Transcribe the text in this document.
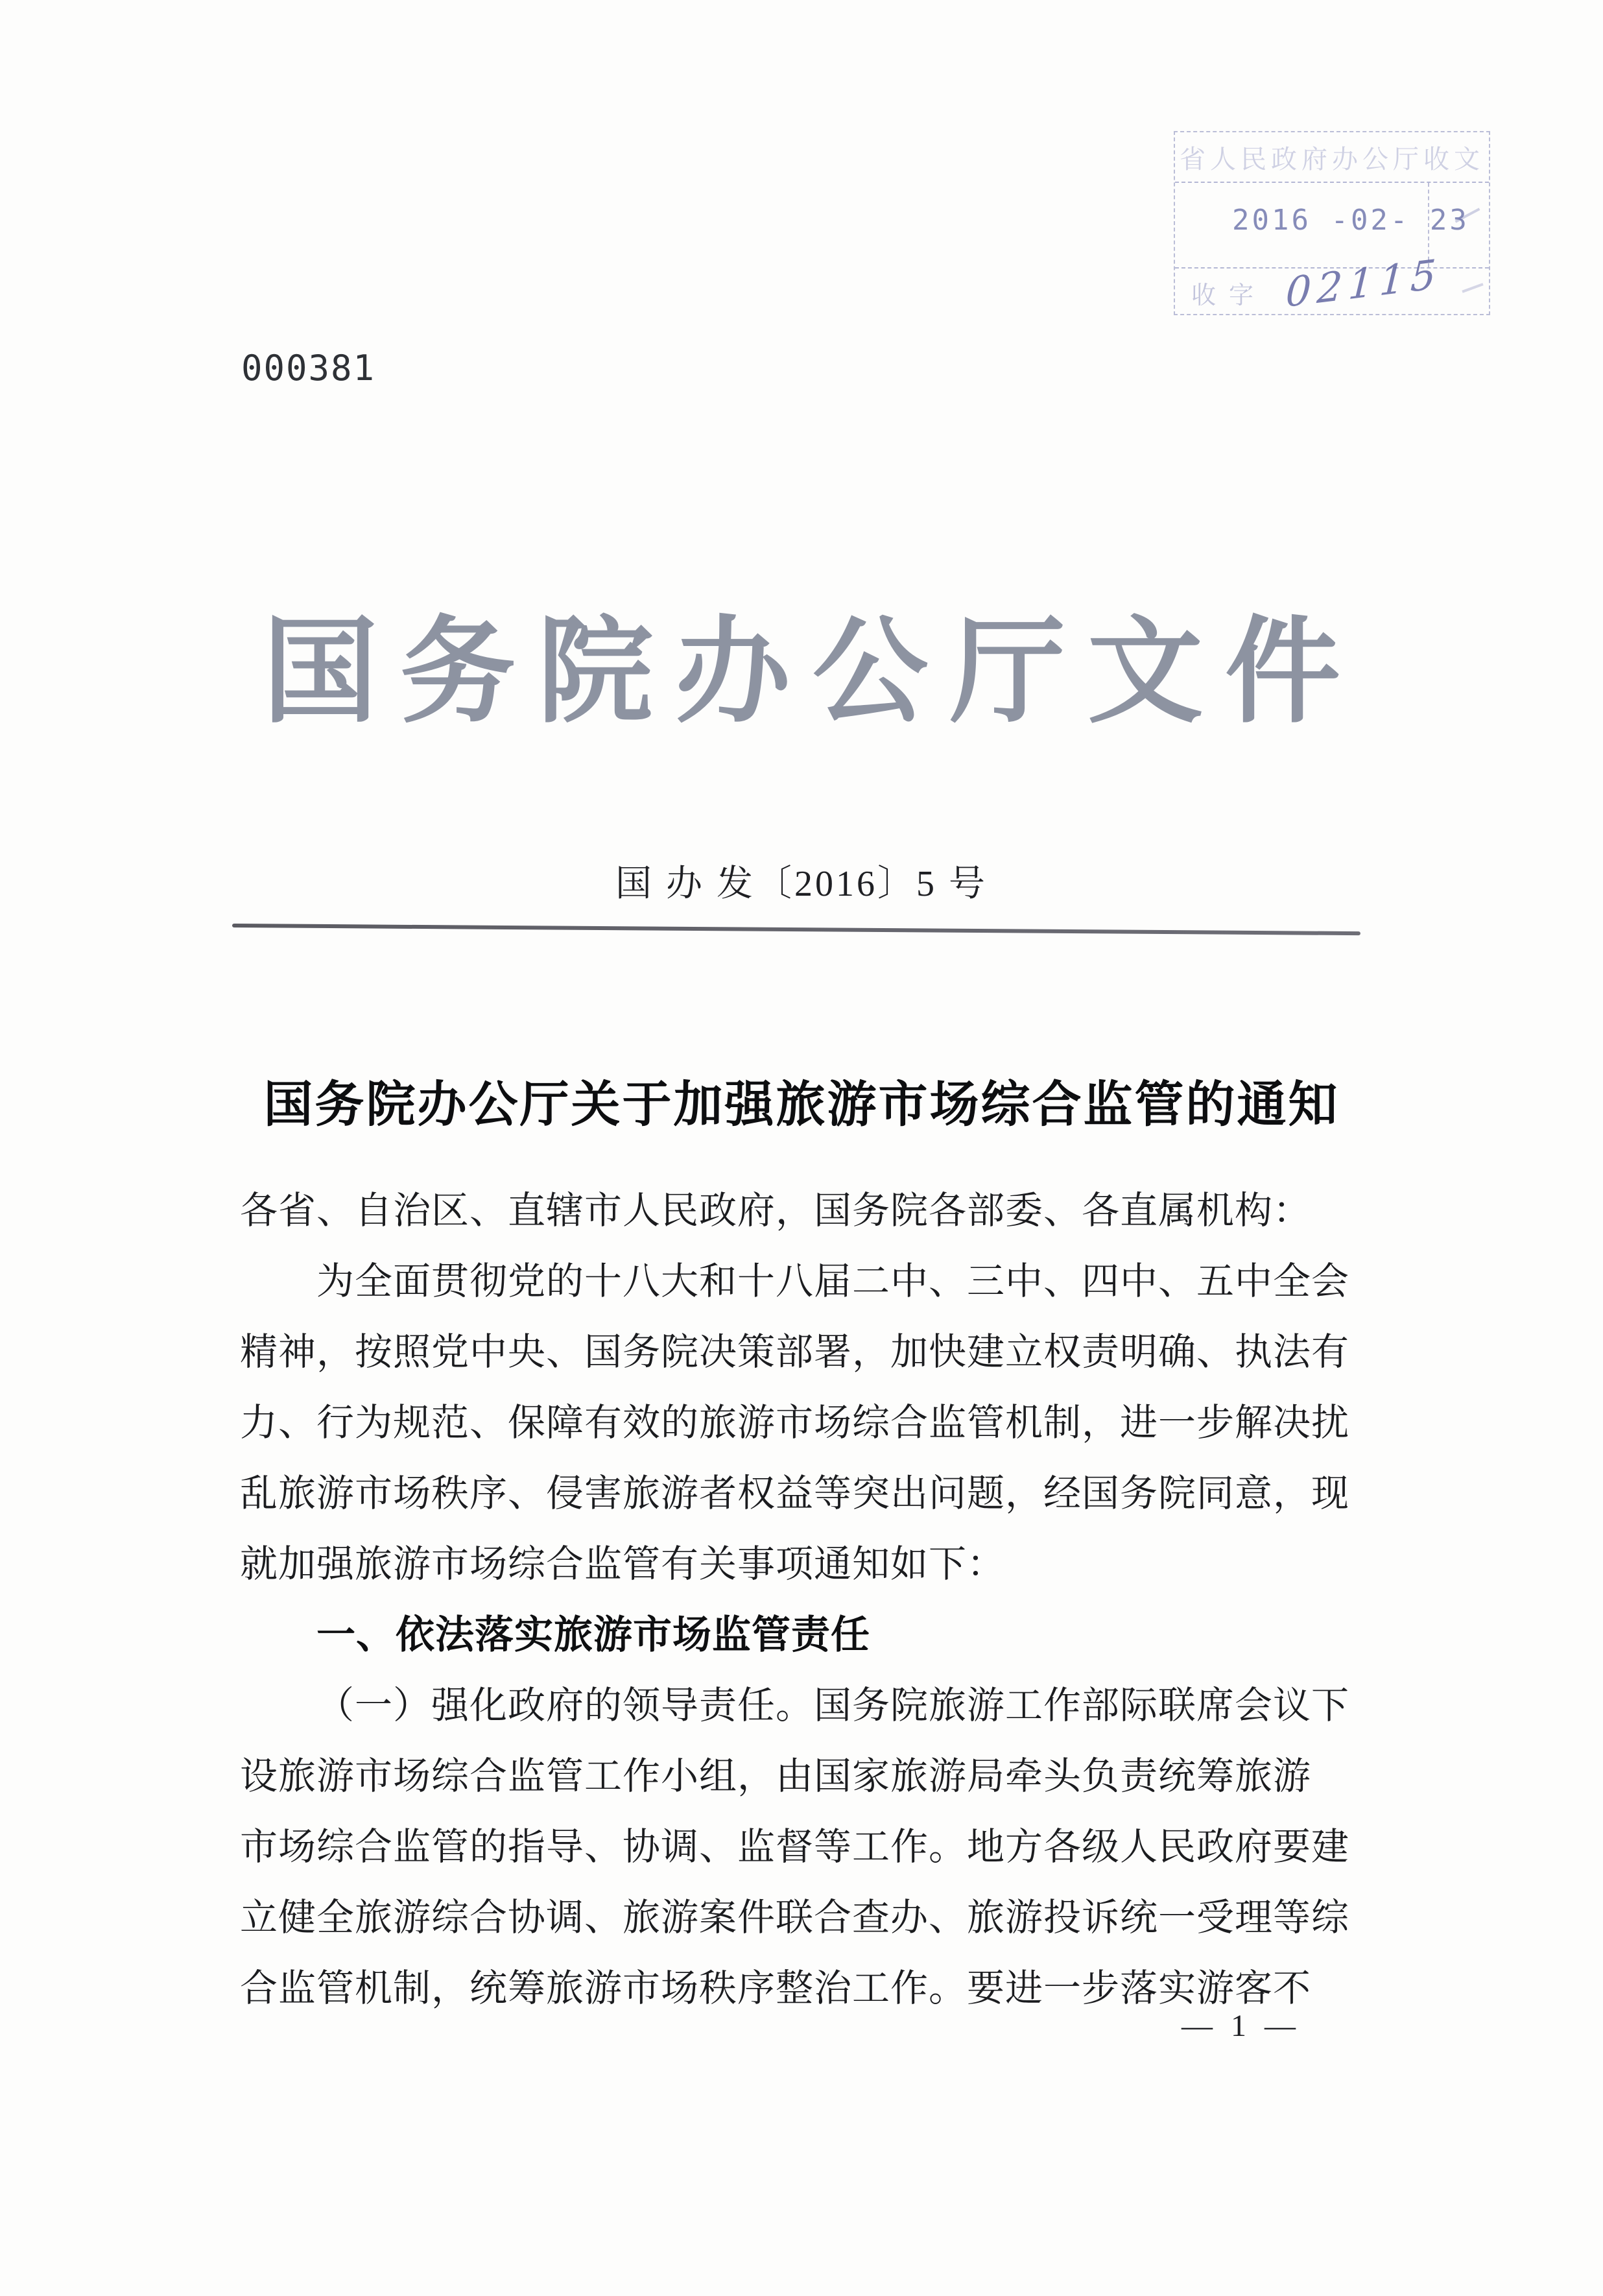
省人民政府办公厅收文
2016 -02- 23
收字 02115
000381
国务院办公厅文件
国 办 发〔2016〕5 号
国务院办公厅关于加强旅游市场综合监管的通知
各省、自治区、直辖市人民政府，国务院各部委、各直属机构：
为全面贯彻党的十八大和十八届二中、三中、四中、五中全会
精神，按照党中央、国务院决策部署，加快建立权责明确、执法有
力、行为规范、保障有效的旅游市场综合监管机制，进一步解决扰
乱旅游市场秩序、侵害旅游者权益等突出问题，经国务院同意，现
就加强旅游市场综合监管有关事项通知如下：
一、依法落实旅游市场监管责任
（一）强化政府的领导责任。国务院旅游工作部际联席会议下
设旅游市场综合监管工作小组，由国家旅游局牵头负责统筹旅游
市场综合监管的指导、协调、监督等工作。地方各级人民政府要建
立健全旅游综合协调、旅游案件联合查办、旅游投诉统一受理等综
合监管机制，统筹旅游市场秩序整治工作。要进一步落实游客不
— 1 —
